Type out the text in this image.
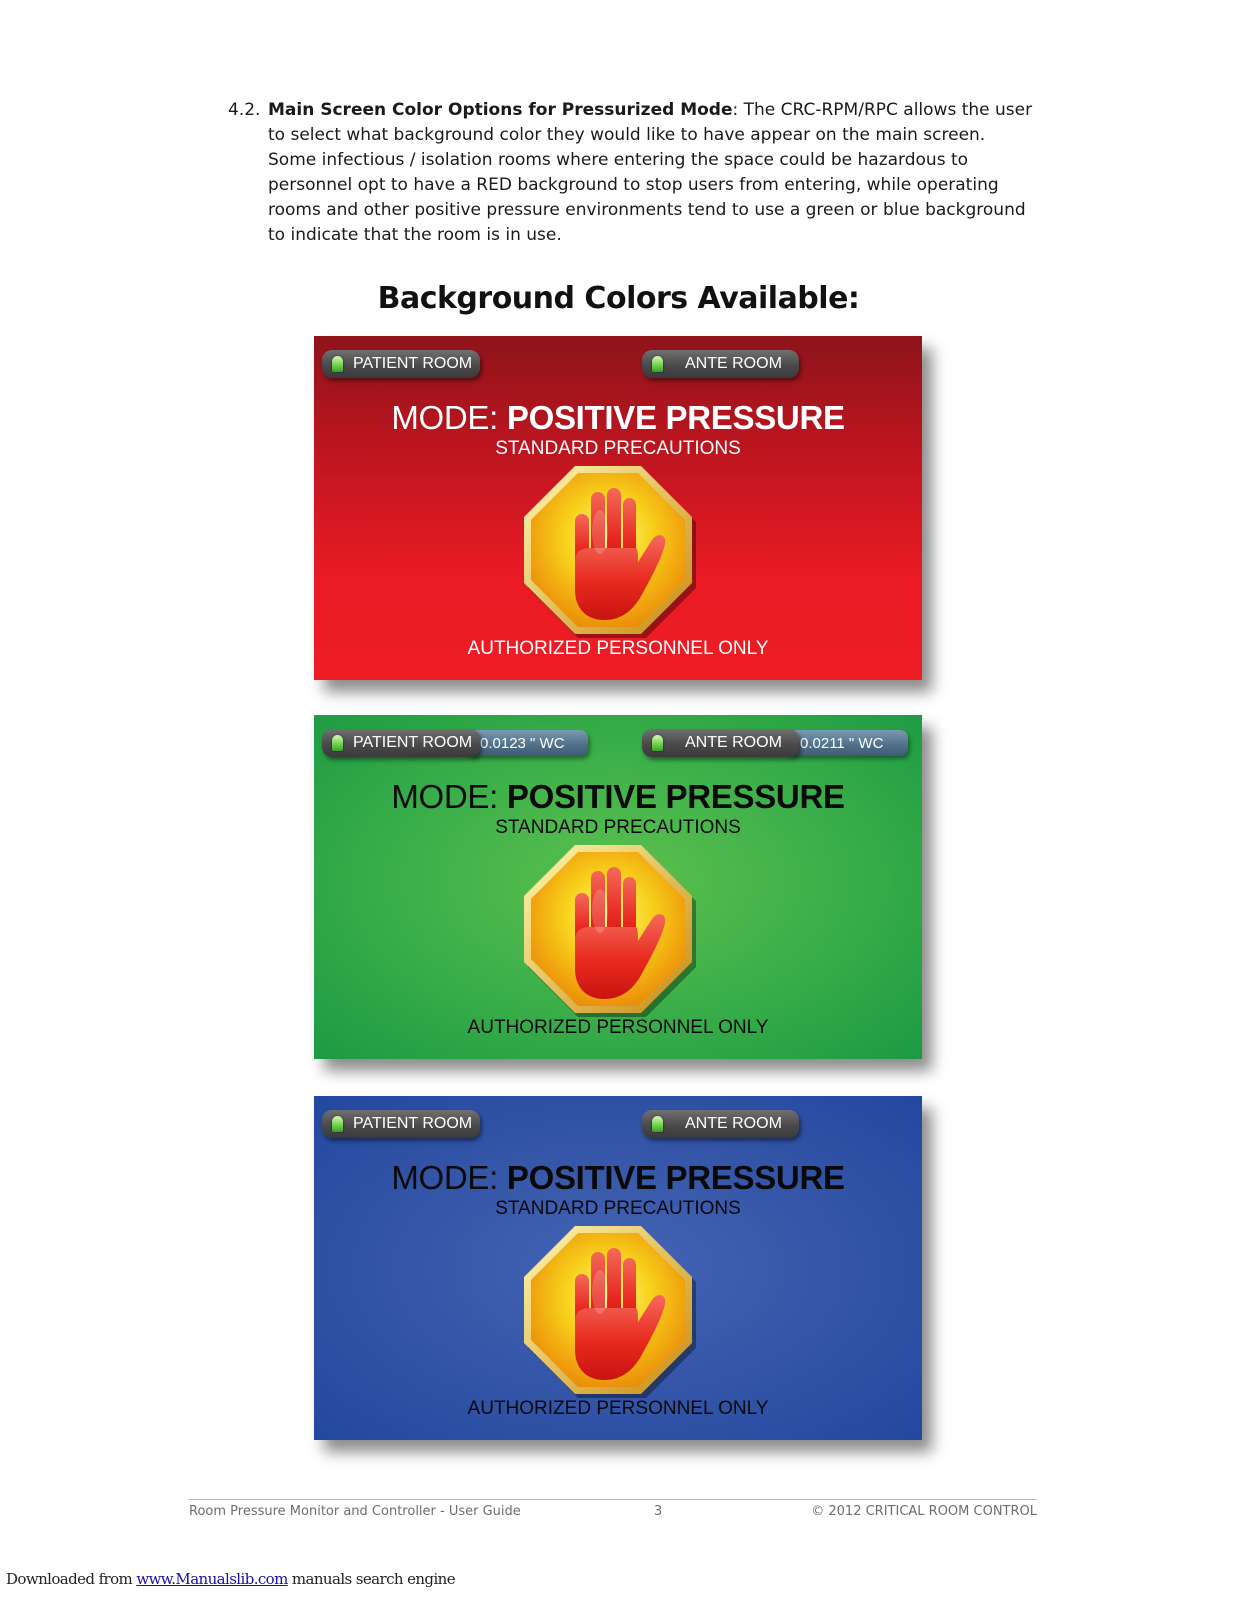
4.2. Main Screen Color Options for Pressurized Mode: The CRC-RPM/RPC allows the user
to select what background color they would like to have appear on the main screen.
Some infectious / isolation rooms where entering the space could be hazardous to
personnel opt to have a RED background to stop users from entering, while operating
rooms and other positive pressure environments tend to use a green or blue background
to indicate that the room is in use.
Background Colors Available:
PATIENT ROOM	ANTE ROOM
MODE: POSITIVE PRESSURE
STANDARD PRECAUTIONS
AUTHORIZED PERSONNEL ONLY
0.0123 " WC
PATIENT ROOM	0.0211 " WC
ANTE ROOM
MODE: POSITIVE PRESSURE
STANDARD PRECAUTIONS
AUTHORIZED PERSONNEL ONLY
PATIENT ROOM	ANTE ROOM
MODE: POSITIVE PRESSURE
STANDARD PRECAUTIONS
AUTHORIZED PERSONNEL ONLY
Room Pressure Monitor and Controller - User Guide	3	© 2012 CRITICAL ROOM CONTROL
Downloaded from www.Manualslib.com manuals search engine
